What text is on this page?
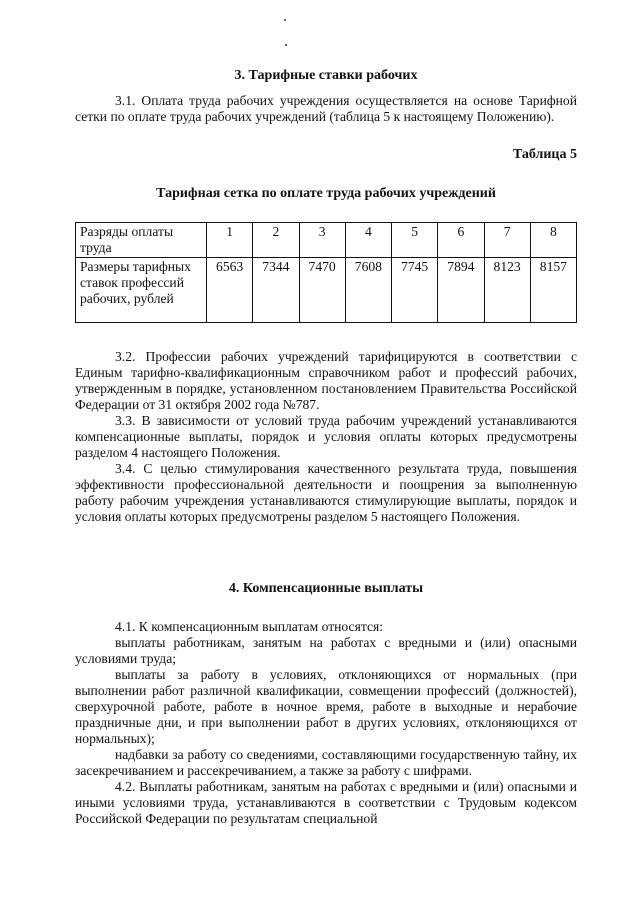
3. Тарифные ставки рабочих

3.1. Оплата труда рабочих учреждения осуществляется на основе Тарифной сетки по оплате труда рабочих учреждений (таблица 5 к настоящему Положению).

Таблица 5
Тарифная сетка по оплате труда рабочих учреждений
Разряды оплаты труда	1	2	3	4	5	6	7	8
Размеры тарифных ставок профессий рабочих, рублей	6563	7344	7470	7608	7745	7894	8123	8157

3.2. Профессии рабочих учреждений тарифицируются в соответствии с Единым тарифно-квалификационным справочником работ и профессий рабочих, утвержденным в порядке, установленном постановлением Правительства Российской Федерации от 31 октября 2002 года №787.

3.3. В зависимости от условий труда рабочим учреждений устанавливаются компенсационные выплаты, порядок и условия оплаты которых предусмотрены разделом 4 настоящего Положения.

3.4. С целью стимулирования качественного результата труда, повышения эффективности профессиональной деятельности и поощрения за выполненную работу рабочим учреждения устанавливаются стимулирующие выплаты, порядок и условия оплаты которых предусмотрены разделом 5 настоящего Положения.

4. Компенсационные выплаты

4.1. К компенсационным выплатам относятся:

выплаты работникам, занятым на работах с вредными и (или) опасными условиями труда;

выплаты за работу в условиях, отклоняющихся от нормальных (при выполнении работ различной квалификации, совмещении профессий (должностей), сверхурочной работе, работе в ночное время, работе в выходные и нерабочие праздничные дни, и при выполнении работ в других условиях, отклоняющихся от нормальных);

надбавки за работу со сведениями, составляющими государственную тайну, их засекречиванием и рассекречиванием, а также за работу с шифрами.

4.2. Выплаты работникам, занятым на работах с вредными и (или) опасными и иными условиями труда, устанавливаются в соответствии с Трудовым кодексом Российской Федерации по результатам специальной
